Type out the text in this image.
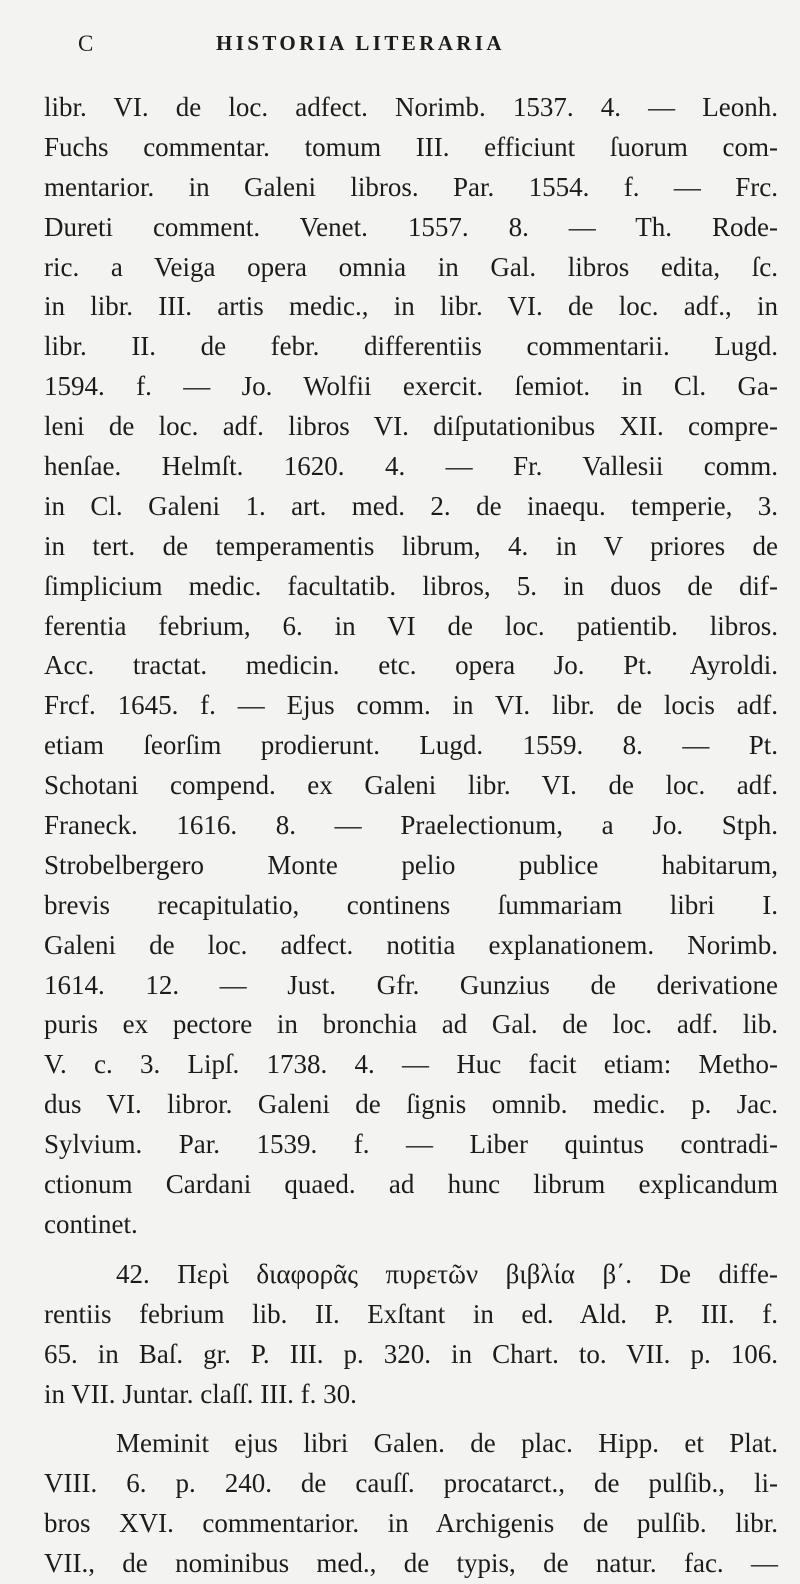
C	HISTORIA LITERARIA
libr. VI. de loc. adfect. Norimb. 1537. 4. — Leonh.
Fuchs commentar. tomum III. efficiunt ſuorum com-
mentarior. in Galeni libros. Par. 1554. f. — Frc.
Dureti comment. Venet. 1557. 8. — Th. Rode-
ric. a Veiga opera omnia in Gal. libros edita, ſc.
in libr. III. artis medic., in libr. VI. de loc. adf., in
libr. II. de febr. differentiis commentarii. Lugd.
1594. f. — Jo. Wolfii exercit. ſemiot. in Cl. Ga-
leni de loc. adf. libros VI. diſputationibus XII. compre-
henſae. Helmſt. 1620. 4. — Fr. Vallesii comm.
in Cl. Galeni 1. art. med. 2. de inaequ. temperie, 3.
in tert. de temperamentis librum, 4. in V priores de
ſimplicium medic. facultatib. libros, 5. in duos de dif-
ferentia febrium, 6. in VI de loc. patientib. libros.
Acc. tractat. medicin. etc. opera Jo. Pt. Ayroldi.
Frcf. 1645. f. — Ejus comm. in VI. libr. de locis adf.
etiam ſeorſim prodierunt. Lugd. 1559. 8. — Pt.
Schotani compend. ex Galeni libr. VI. de loc. adf.
Franeck. 1616. 8. — Praelectionum, a Jo. Stph.
Strobelbergero Monte pelio publice habitarum,
brevis recapitulatio, continens ſummariam libri I.
Galeni de loc. adfect. notitia explanationem. Norimb.
1614. 12. — Just. Gfr. Gunzius de derivatione
puris ex pectore in bronchia ad Gal. de loc. adf. lib.
V. c. 3. Lipſ. 1738. 4. — Huc facit etiam: Metho-
dus VI. libror. Galeni de ſignis omnib. medic. p. Jac.
Sylvium. Par. 1539. f. — Liber quintus contradi-
ctionum Cardani quaed. ad hunc librum explicandum
continet.
42. Περὶ διαφορᾶς πυρετῶν βιβλία β΄. De diffe-
rentiis febrium lib. II. Exſtant in ed. Ald. P. III. f.
65. in Baſ. gr. P. III. p. 320. in Chart. to. VII. p. 106.
in VII. Juntar. claſſ. III. f. 30.
Meminit ejus libri Galen. de plac. Hipp. et Plat.
VIII. 6. p. 240. de cauſſ. procatarct., de pulſib., li-
bros XVI. commentarior. in Archigenis de pulſib. libr.
VII., de nominibus med., de typis, de natur. fac. —
